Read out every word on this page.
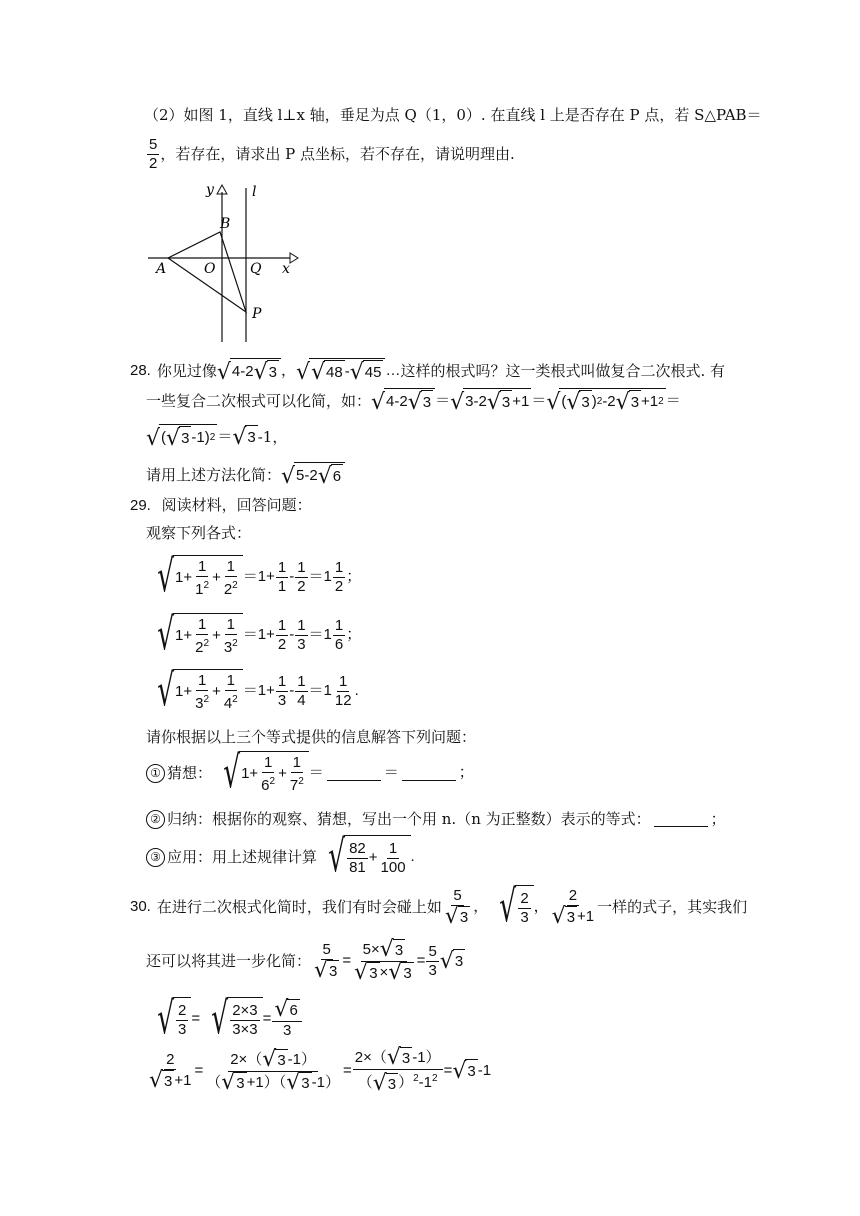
（2）如图 1，直线 l⊥x 轴，垂足为点 Q（1，0）. 在直线 l 上是否存在 P 点，若 S△PAB＝
$\frac{5}{2}$ ，若存在，请求出 P 点坐标，若不存在，请说明理由.
y	l
B
A	O Q x
P
28. 你见过像 √ 4-2 √ 3 ， √ √ 48 - √ 45 … 这样的根式吗？这一类根式叫做复合二次根式. 有
一些复合二次根式可以化简，如： √ 4-2 √ 3 ＝ √ 3-2 √ 3 +1 ＝ √ ( √ 3 ) 2 -2 √ 3 +1 2 ＝
√ ( √ 3 -1) 2 ＝ √ 3 -1，
请用上述方法化简： √ 5-2 √ 6
29. 阅读材料，回答问题：
观察下列各式：
√ $1+ \frac{1}{1^2} + \frac{1}{2^2} =1+ \frac{1}{1} - \frac{1}{2} =1 \frac{1}{2}$ ；
√ $1+ \frac{1}{2^2} + \frac{1}{3^2} =1+ \frac{1}{2} - \frac{1}{3} =1 \frac{1}{6}$ ；
√ $1+ \frac{1}{3^2} + \frac{1}{4^2} =1+ \frac{1}{3} - \frac{1}{4} =1 \frac{1}{12}$ .
请你根据以上三个等式提供的信息解答下列问题：
① 猜想： √ $1+ \frac{1}{6^2} + \frac{1}{7^2}$ ＝	＝	；
② 归纳：根据你的观察、猜想，写出一个用 n.（n 为正整数）表示的等式：	；
③ 应用：用上述规律计算 √ $\frac{82}{81} + \frac{1}{100}$ .
30. 在进行二次根式化简时，我们有时会碰上如 $\frac{5}{√ 3}$ ， √ $\frac{2}{3}$ ， $\frac{2}{√ 3 +1}$ 一样的式子，其实我们
还可以将其进一步化简： $\frac{5}{√ 3} = \frac{5\times √ 3}{√ 3 \times √ 3} = \frac{5}{3}$ √ 3
√ $\frac{2}{3}$ = √ $\frac{2\times 3}{3\times 3} = \frac{√ 6}{3}$
$\frac{2}{√ 3 +1} = \frac{2\times( √ 3 -1)}{( √ 3 +1)( √ 3 -1)} = \frac{2\times( √ 3 -1)}{( √ 3 )^2-1^2}$ = √ 3 -1
